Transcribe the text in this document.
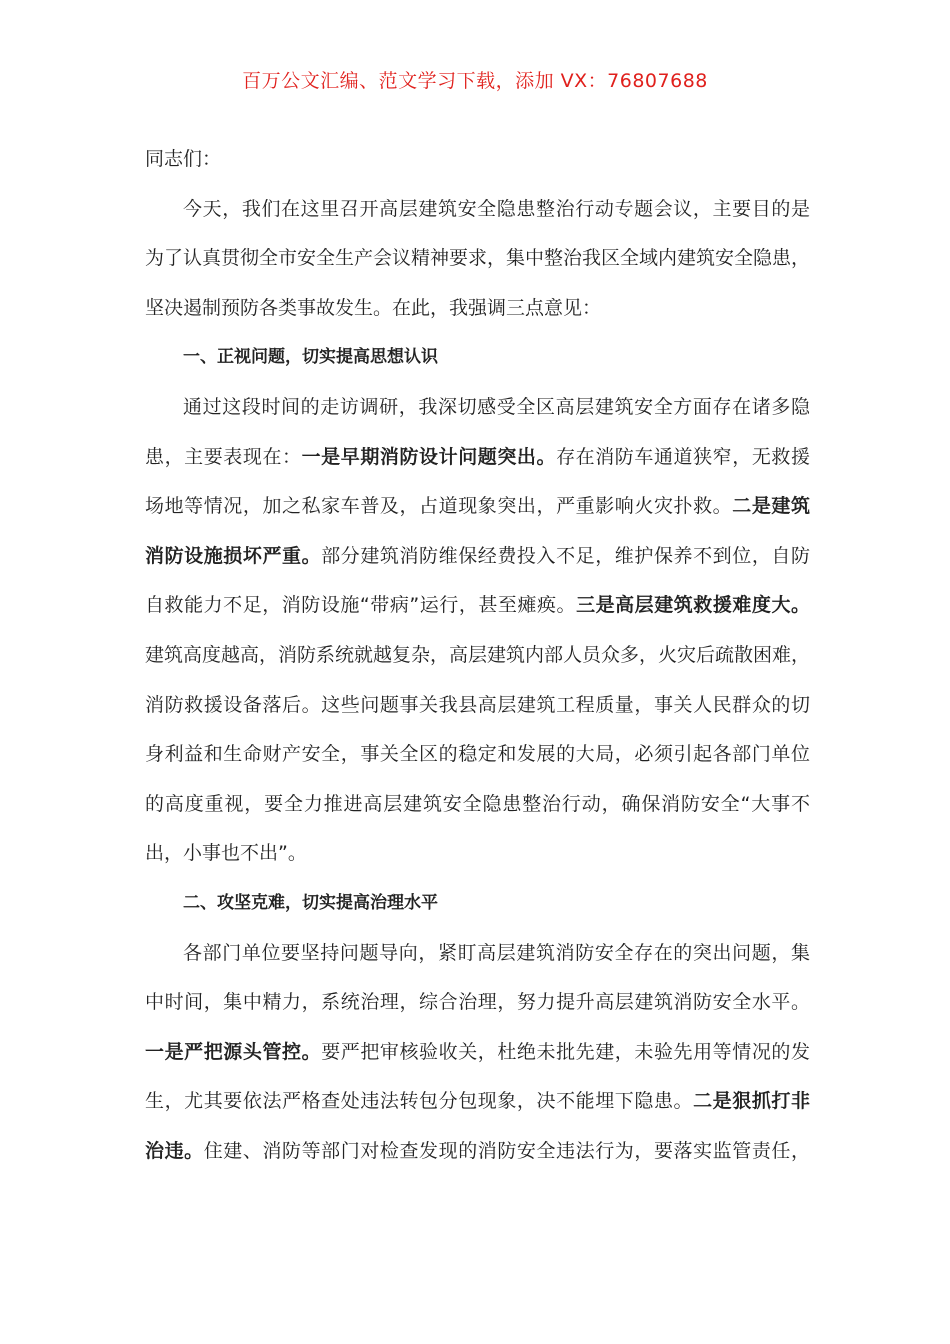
百万公文汇编、范文学习下载，添加 VX：76807688
同志们：
今天，我们在这里召开高层建筑安全隐患整治行动专题会议，主要目的是
为了认真贯彻全市安全生产会议精神要求，集中整治我区全域内建筑安全隐患，
坚决遏制预防各类事故发生。在此，我强调三点意见：
一、正视问题，切实提高思想认识
通过这段时间的走访调研，我深切感受全区高层建筑安全方面存在诸多隐
患，主要表现在：一是早期消防设计问题突出。存在消防车通道狭窄，无救援
场地等情况，加之私家车普及，占道现象突出，严重影响火灾扑救。二是建筑
消防设施损坏严重。部分建筑消防维保经费投入不足，维护保养不到位，自防
自救能力不足，消防设施“带病”运行，甚至瘫痪。三是高层建筑救援难度大。
建筑高度越高，消防系统就越复杂，高层建筑内部人员众多，火灾后疏散困难，
消防救援设备落后。这些问题事关我县高层建筑工程质量，事关人民群众的切
身利益和生命财产安全，事关全区的稳定和发展的大局，必须引起各部门单位
的高度重视，要全力推进高层建筑安全隐患整治行动，确保消防安全“大事不
出，小事也不出”。
二、攻坚克难，切实提高治理水平
各部门单位要坚持问题导向，紧盯高层建筑消防安全存在的突出问题，集
中时间，集中精力，系统治理，综合治理，努力提升高层建筑消防安全水平。
一是严把源头管控。要严把审核验收关，杜绝未批先建，未验先用等情况的发
生，尤其要依法严格查处违法转包分包现象，决不能埋下隐患。二是狠抓打非
治违。住建、消防等部门对检查发现的消防安全违法行为，要落实监管责任，
